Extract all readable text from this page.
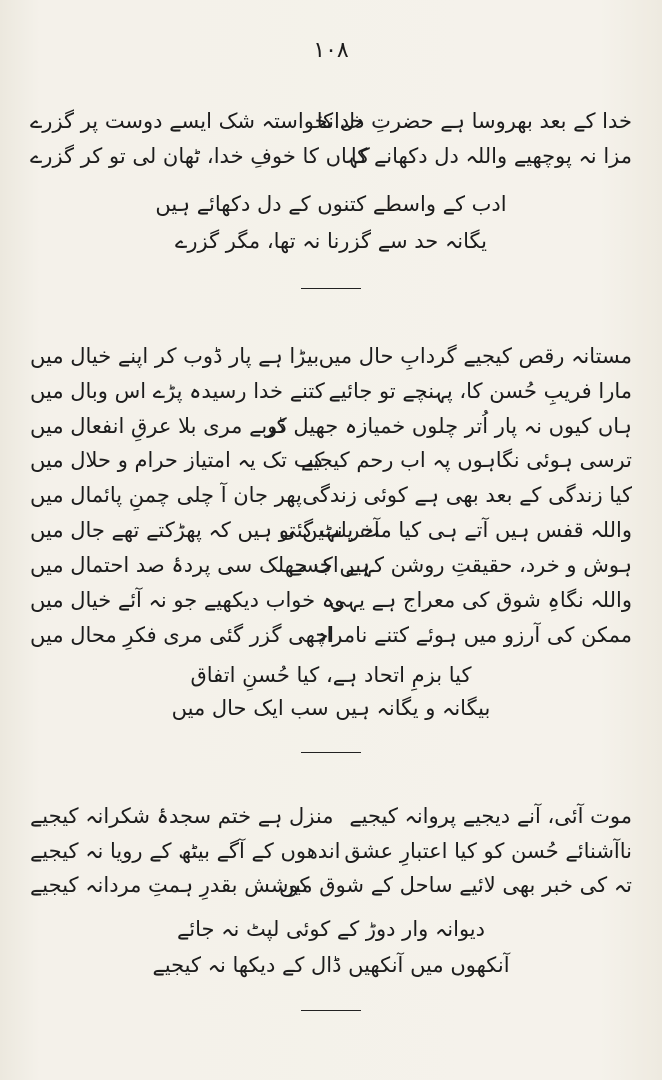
۱۰۸
خدا کے بعد بھروسا ہے حضرتِ دل کا
خدانخواستہ شک ایسے دوست پر گزرے
مزا نہ پوچھیے واللہ دل دکھانے کا
کہاں کا خوفِ خدا، ٹھان لی تو کر گزرے
ادب کے واسطے کتنوں کے دل دکھائے ہیں
یگانہ حد سے گزرنا نہ تھا، مگر گزرے
مستانہ رقص کیجیے گردابِ حال میں
بیڑا ہے پار ڈوب کر اپنے خیال میں
مارا فریبِ حُسن کا، پہنچے تو جائیے
کتنے خدا رسیدہ پڑے اس وبال میں
ہاں کیوں نہ پار اُتر چلوں خمیازہ جھیل کر
ڈوبے مری بلا عرقِ انفعال میں
ترسی ہوئی نگاہوں پہ اب رحم کیجیے
کب تک یہ امتیاز حرام و حلال میں
کیا زندگی کے بعد بھی ہے کوئی زندگی
پھر جان آ چلی چمنِ پائمال میں
واللہ قفس ہیں آتے ہی کیا مت پلٹ گئی
آخر نہیں تو ہیں کہ پھڑکتے تھے جال میں
ہوش و خرد، حقیقتِ روشن کہیں جسے
ہے اک جھلک سی پردۂ صد احتمال میں
واللہ نگاہِ شوق کی معراج ہے یہی
وہ خواب دیکھیے جو نہ آئے خیال میں
ممکن کی آرزو میں ہوئے کتنے نامراد
اچھی گزر گئی مری فکرِ محال میں
کیا بزمِ اتحاد ہے، کیا حُسنِ اتفاق
بیگانہ و یگانہ ہیں سب ایک حال میں
موت آئی، آنے دیجیے پروانہ کیجیے
منزل ہے ختم سجدۂ شکرانہ کیجیے
ناآشنائے حُسن کو کیا اعتبارِ عشق
اندھوں کے آگے بیٹھ کے رویا نہ کیجیے
تہ کی خبر بھی لائیے ساحل کے شوق میں
کوشش بقدرِ ہمتِ مردانہ کیجیے
دیوانہ وار دوڑ کے کوئی لپٹ نہ جائے
آنکھوں میں آنکھیں ڈال کے دیکھا نہ کیجیے
